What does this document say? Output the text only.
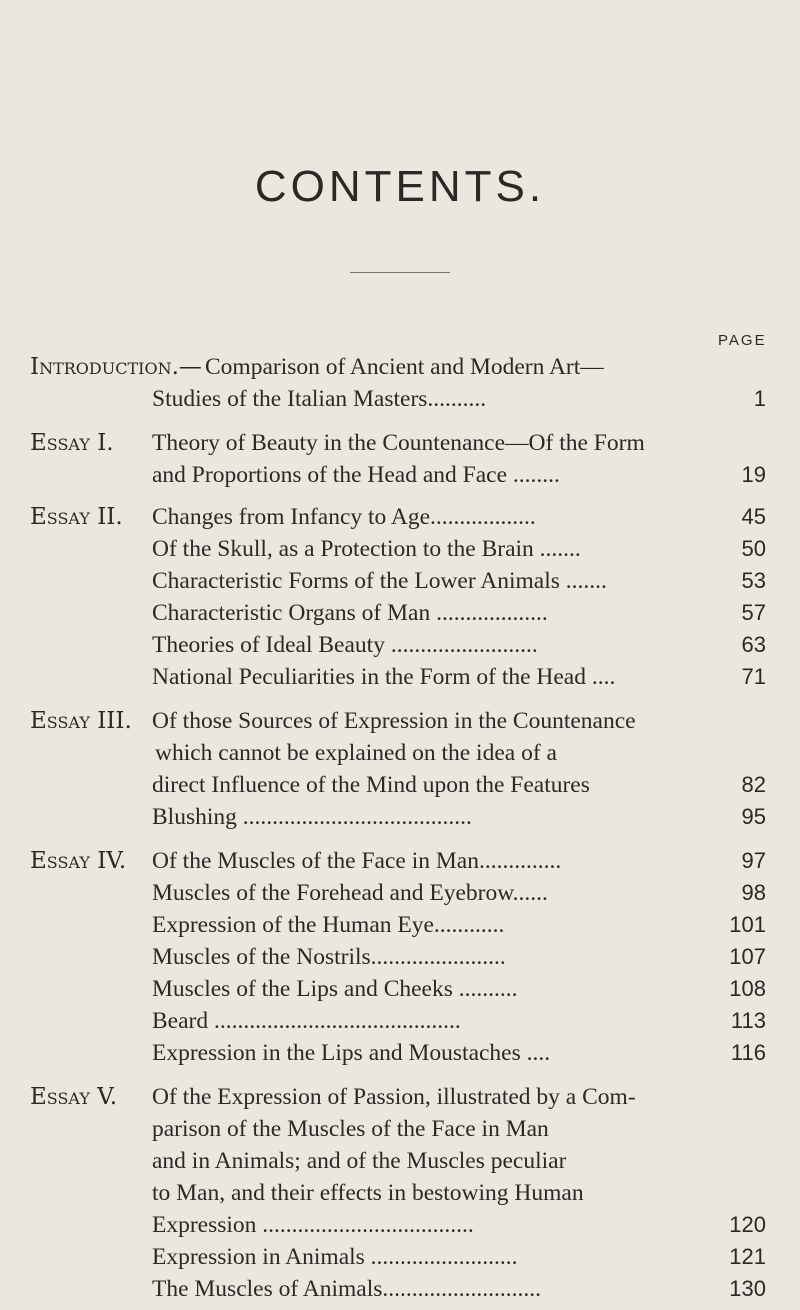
CONTENTS.
PAGE
Introduction.— Comparison of Ancient and Modern Art—
Studies of the Italian Masters..........	1
Essay I.	Theory of Beauty in the Countenance—Of the Form
and Proportions of the Head and Face ........	19
Essay II.	Changes from Infancy to Age..................	45
Of the Skull, as a Protection to the Brain .......	50
Characteristic Forms of the Lower Animals .......	53
Characteristic Organs of Man ...................	57
Theories of Ideal Beauty .........................	63
National Peculiarities in the Form of the Head ....	71
Essay III. Of those Sources of Expression in the Countenance
which cannot be explained on the idea of a
direct Influence of the Mind upon the Features	82
Blushing .......................................	95
Essay IV.	Of the Muscles of the Face in Man..............	97
Muscles of the Forehead and Eyebrow......	98
Expression of the Human Eye............	101
Muscles of the Nostrils.......................	107
Muscles of the Lips and Cheeks ..........	108
Beard ..........................................	113
Expression in the Lips and Moustaches ....	116
Essay V.	Of the Expression of Passion, illustrated by a Com-
parison of the Muscles of the Face in Man
and in Animals; and of the Muscles peculiar
to Man, and their effects in bestowing Human
Expression ....................................	120
Expression in Animals .........................	121
The Muscles of Animals...........................	130
